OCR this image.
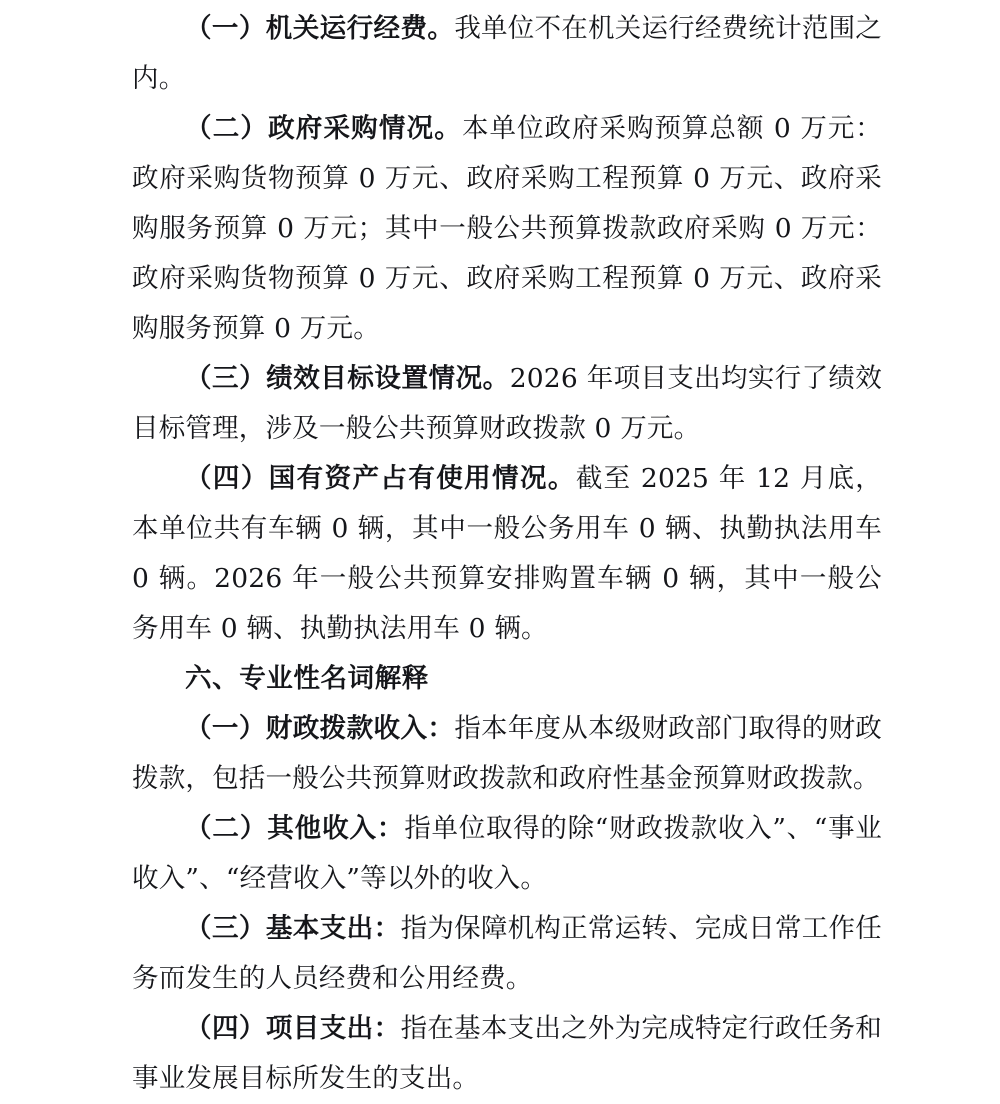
（一）机关运行经费。我单位不在机关运行经费统计范围之内。

（二）政府采购情况。本单位政府采购预算总额 0 万元：政府采购货物预算 0 万元、政府采购工程预算 0 万元、政府采购服务预算 0 万元；其中一般公共预算拨款政府采购 0 万元：政府采购货物预算 0 万元、政府采购工程预算 0 万元、政府采购服务预算 0 万元。

（三）绩效目标设置情况。2026 年项目支出均实行了绩效目标管理，涉及一般公共预算财政拨款 0 万元。

（四）国有资产占有使用情况。截至 2025 年 12 月底，本单位共有车辆 0 辆，其中一般公务用车 0 辆、执勤执法用车 0 辆。2026 年一般公共预算安排购置车辆 0 辆，其中一般公务用车 0 辆、执勤执法用车 0 辆。

六、专业性名词解释

（一）财政拨款收入：指本年度从本级财政部门取得的财政拨款，包括一般公共预算财政拨款和政府性基金预算财政拨款。

（二）其他收入：指单位取得的除“财政拨款收入”、“事业收入”、“经营收入”等以外的收入。

（三）基本支出：指为保障机构正常运转、完成日常工作任务而发生的人员经费和公用经费。

（四）项目支出：指在基本支出之外为完成特定行政任务和事业发展目标所发生的支出。
